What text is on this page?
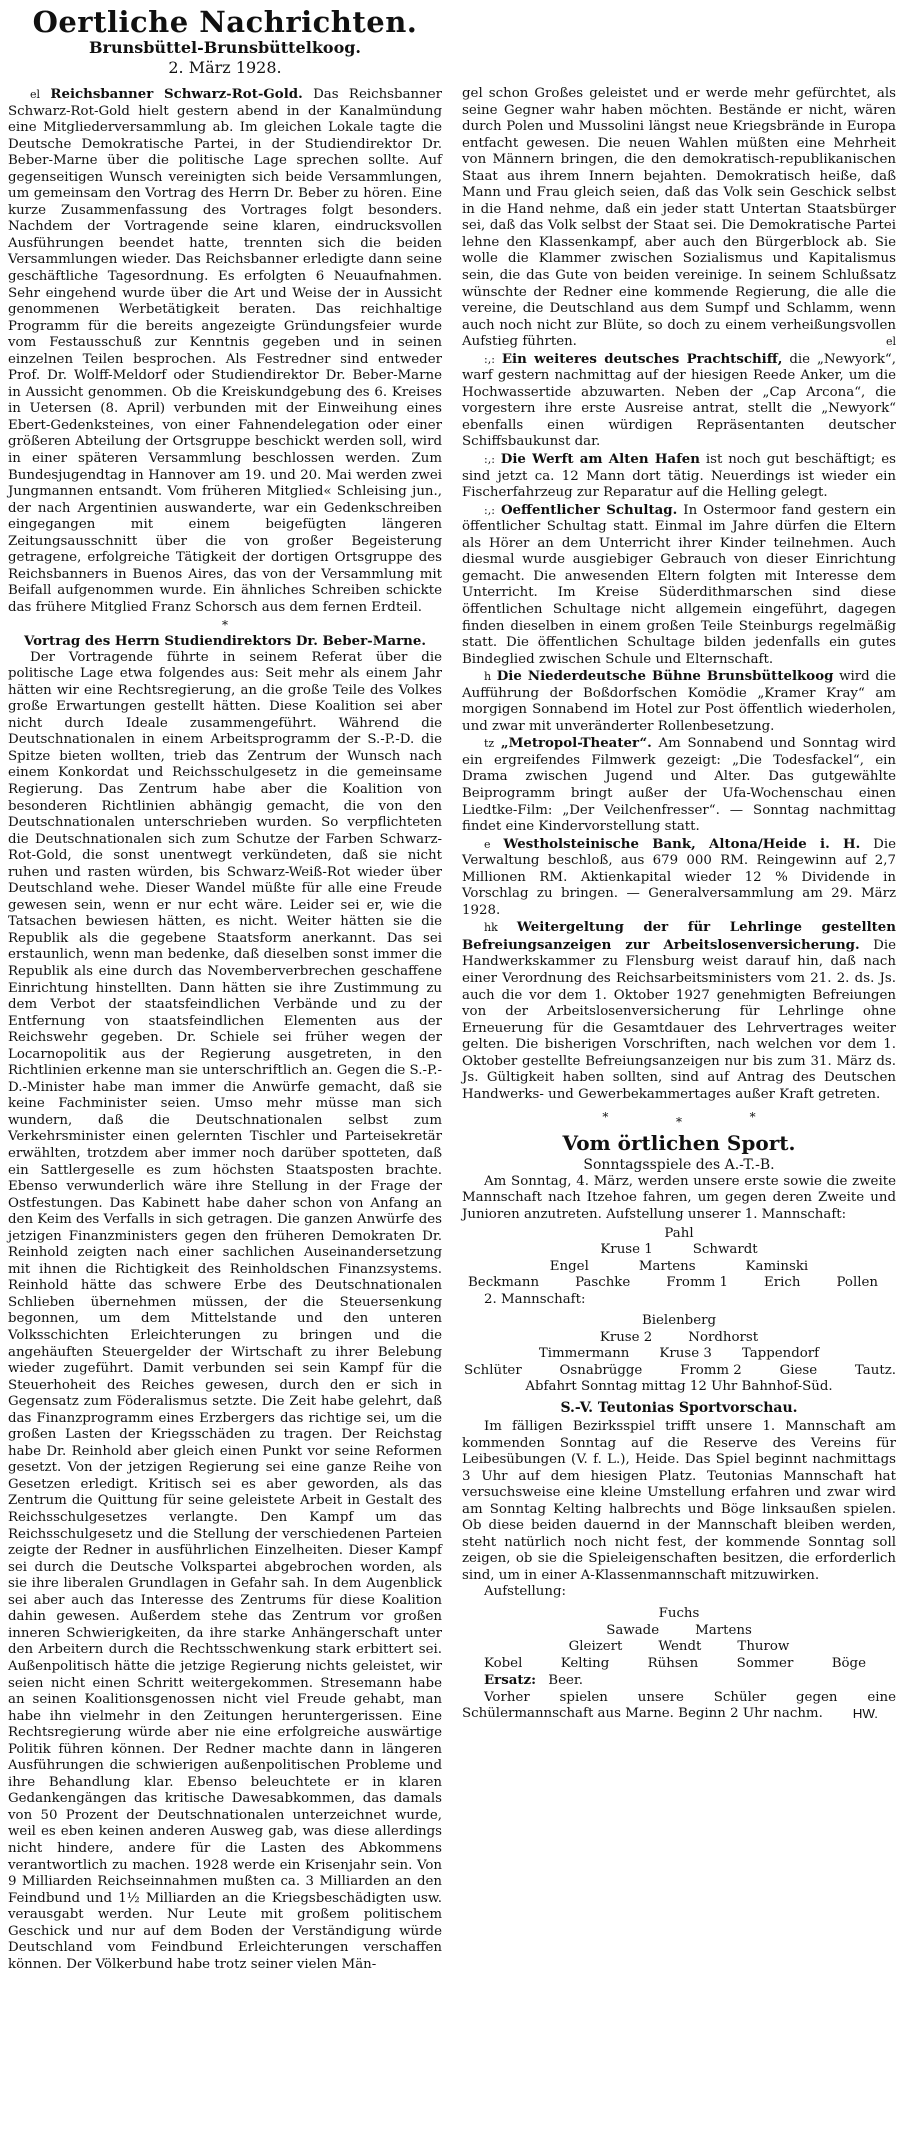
Oertliche Nachrichten.
Brunsbüttel-Brunsbüttelkoog.
2. März 1928.

el Reichsbanner Schwarz-Rot-Gold. Das Reichsbanner Schwarz-Rot-Gold hielt gestern abend in der Kanalmündung eine Mitgliederversammlung ab. Im gleichen Lokale tagte die Deutsche Demokratische Partei, in der Studiendirektor Dr. Beber-Marne über die politische Lage sprechen sollte. Auf gegenseitigen Wunsch vereinigten sich beide Versammlungen, um gemeinsam den Vortrag des Herrn Dr. Beber zu hören. Eine kurze Zusammenfassung des Vortrages folgt besonders. Nachdem der Vortragende seine klaren, eindrucksvollen Ausführungen beendet hatte, trennten sich die beiden Versammlungen wieder. Das Reichsbanner erledigte dann seine geschäftliche Tagesordnung. Es erfolgten 6 Neuaufnahmen. Sehr eingehend wurde über die Art und Weise der in Aussicht genommenen Werbetätigkeit beraten. Das reichhaltige Programm für die bereits angezeigte Gründungsfeier wurde vom Festausschuß zur Kenntnis gegeben und in seinen einzelnen Teilen besprochen. Als Festredner sind entweder Prof. Dr. Wolff-Meldorf oder Studiendirektor Dr. Beber-Marne in Aussicht genommen. Ob die Kreiskundgebung des 6. Kreises in Uetersen (8. April) verbunden mit der Einweihung eines Ebert-Gedenksteines, von einer Fahnendelegation oder einer größeren Abteilung der Ortsgruppe beschickt werden soll, wird in einer späteren Versammlung beschlossen werden. Zum Bundesjugendtag in Hannover am 19. und 20. Mai werden zwei Jungmannen entsandt. Vom früheren Mitglied« Schleising jun., der nach Argentinien auswanderte, war ein Gedenkschreiben eingegangen mit einem beigefügten längeren Zeitungsausschnitt über die von großer Begeisterung getragene, erfolgreiche Tätigkeit der dortigen Ortsgruppe des Reichsbanners in Buenos Aires, das von der Versammlung mit Beifall aufgenommen wurde. Ein ähnliches Schreiben schickte das frühere Mitglied Franz Schorsch aus dem fernen Erdteil.

*

Vortrag des Herrn Studiendirektors Dr. Beber-Marne.

Der Vortragende führte in seinem Referat über die politische Lage etwa folgendes aus: Seit mehr als einem Jahr hätten wir eine Rechtsregierung, an die große Teile des Volkes große Erwartungen gestellt hätten. Diese Koalition sei aber nicht durch Ideale zusammengeführt. Während die Deutschnationalen in einem Arbeitsprogramm der S.-P.-D. die Spitze bieten wollten, trieb das Zentrum der Wunsch nach einem Konkordat und Reichsschulgesetz in die gemeinsame Regierung. Das Zentrum habe aber die Koalition von besonderen Richtlinien abhängig gemacht, die von den Deutschnationalen unterschrieben wurden. So verpflichteten die Deutschnationalen sich zum Schutze der Farben Schwarz-Rot-Gold, die sonst unentwegt verkündeten, daß sie nicht ruhen und rasten würden, bis Schwarz-Weiß-Rot wieder über Deutschland wehe. Dieser Wandel müßte für alle eine Freude gewesen sein, wenn er nur echt wäre. Leider sei er, wie die Tatsachen bewiesen hätten, es nicht. Weiter hätten sie die Republik als die gegebene Staatsform anerkannt. Das sei erstaunlich, wenn man bedenke, daß dieselben sonst immer die Republik als eine durch das Novemberverbrechen geschaffene Einrichtung hinstellten. Dann hätten sie ihre Zustimmung zu dem Verbot der staatsfeindlichen Verbände und zu der Entfernung von staatsfeindlichen Elementen aus der Reichswehr gegeben. Dr. Schiele sei früher wegen der Locarnopolitik aus der Regierung ausgetreten, in den Richtlinien erkenne man sie unterschriftlich an. Gegen die S.-P.-D.-Minister habe man immer die Anwürfe gemacht, daß sie keine Fachminister seien. Umso mehr müsse man sich wundern, daß die Deutschnationalen selbst zum Verkehrsminister einen gelernten Tischler und Parteisekretär erwählten, trotzdem aber immer noch darüber spotteten, daß ein Sattlergeselle es zum höchsten Staatsposten brachte. Ebenso verwunderlich wäre ihre Stellung in der Frage der Ostfestungen. Das Kabinett habe daher schon von Anfang an den Keim des Verfalls in sich getragen. Die ganzen Anwürfe des jetzigen Finanzministers gegen den früheren Demokraten Dr. Reinhold zeigten nach einer sachlichen Auseinandersetzung mit ihnen die Richtigkeit des Reinholdschen Finanzsystems. Reinhold hätte das schwere Erbe des Deutschnationalen Schlieben übernehmen müssen, der die Steuersenkung begonnen, um dem Mittelstande und den unteren Volksschichten Erleichterungen zu bringen und die angehäuften Steuergelder der Wirtschaft zu ihrer Belebung wieder zugeführt. Damit verbunden sei sein Kampf für die Steuerhoheit des Reiches gewesen, durch den er sich in Gegensatz zum Föderalismus setzte. Die Zeit habe gelehrt, daß das Finanzprogramm eines Erzbergers das richtige sei, um die großen Lasten der Kriegsschäden zu tragen. Der Reichstag habe Dr. Reinhold aber gleich einen Punkt vor seine Reformen gesetzt. Von der jetzigen Regierung sei eine ganze Reihe von Gesetzen erledigt. Kritisch sei es aber geworden, als das Zentrum die Quittung für seine geleistete Arbeit in Gestalt des Reichsschulgesetzes verlangte. Den Kampf um das Reichsschulgesetz und die Stellung der verschiedenen Parteien zeigte der Redner in ausführlichen Einzelheiten. Dieser Kampf sei durch die Deutsche Volkspartei abgebrochen worden, als sie ihre liberalen Grundlagen in Gefahr sah. In dem Augenblick sei aber auch das Interesse des Zentrums für diese Koalition dahin gewesen. Außerdem stehe das Zentrum vor großen inneren Schwierigkeiten, da ihre starke Anhängerschaft unter den Arbeitern durch die Rechtsschwenkung stark erbittert sei. Außenpolitisch hätte die jetzige Regierung nichts geleistet, wir seien nicht einen Schritt weitergekommen. Stresemann habe an seinen Koalitionsgenossen nicht viel Freude gehabt, man habe ihn vielmehr in den Zeitungen heruntergerissen. Eine Rechtsregierung würde aber nie eine erfolgreiche auswärtige Politik führen können. Der Redner machte dann in längeren Ausführungen die schwierigen außenpolitischen Probleme und ihre Behandlung klar. Ebenso beleuchtete er in klaren Gedankengängen das kritische Dawesabkommen, das damals von 50 Prozent der Deutschnationalen unterzeichnet wurde, weil es eben keinen anderen Ausweg gab, was diese allerdings nicht hindere, andere für die Lasten des Abkommens verantwortlich zu machen. 1928 werde ein Krisenjahr sein. Von 9 Milliarden Reichseinnahmen mußten ca. 3 Milliarden an den Feindbund und 1½ Milliarden an die Kriegsbeschädigten usw. verausgabt werden. Nur Leute mit großem politischem Geschick und nur auf dem Boden der Verständigung würde Deutschland vom Feindbund Erleichterungen verschaffen können. Der Völkerbund habe trotz seiner vielen Män-

gel schon Großes geleistet und er werde mehr gefürchtet, als seine Gegner wahr haben möchten. Bestände er nicht, wären durch Polen und Mussolini längst neue Kriegsbrände in Europa entfacht gewesen. Die neuen Wahlen müßten eine Mehrheit von Männern bringen, die den demokratisch-republikanischen Staat aus ihrem Innern bejahten. Demokratisch heiße, daß Mann und Frau gleich seien, daß das Volk sein Geschick selbst in die Hand nehme, daß ein jeder statt Untertan Staatsbürger sei, daß das Volk selbst der Staat sei. Die Demokratische Partei lehne den Klassenkampf, aber auch den Bürgerblock ab. Sie wolle die Klammer zwischen Sozialismus und Kapitalismus sein, die das Gute von beiden vereinige. In seinem Schlußsatz wünschte der Redner eine kommende Regierung, die alle die vereine, die Deutschland aus dem Sumpf und Schlamm, wenn auch noch nicht zur Blüte, so doch zu einem verheißungsvollen Aufstieg führten.	el

:,: Ein weiteres deutsches Prachtschiff, die „Newyork“, warf gestern nachmittag auf der hiesigen Reede Anker, um die Hochwassertide abzuwarten. Neben der „Cap Arcona“, die vorgestern ihre erste Ausreise antrat, stellt die „Newyork“ ebenfalls einen würdigen Repräsentanten deutscher Schiffsbaukunst dar.

:,: Die Werft am Alten Hafen ist noch gut beschäftigt; es sind jetzt ca. 12 Mann dort tätig. Neuerdings ist wieder ein Fischerfahrzeug zur Reparatur auf die Helling gelegt.

:,: Oeffentlicher Schultag. In Ostermoor fand gestern ein öffentlicher Schultag statt. Einmal im Jahre dürfen die Eltern als Hörer an dem Unterricht ihrer Kinder teilnehmen. Auch diesmal wurde ausgiebiger Gebrauch von dieser Einrichtung gemacht. Die anwesenden Eltern folgten mit Interesse dem Unterricht. Im Kreise Süderdithmarschen sind diese öffentlichen Schultage nicht allgemein eingeführt, dagegen finden dieselben in einem großen Teile Steinburgs regelmäßig statt. Die öffentlichen Schultage bilden jedenfalls ein gutes Bindeglied zwischen Schule und Elternschaft.

h Die Niederdeutsche Bühne Brunsbüttelkoog wird die Aufführung der Boßdorfschen Komödie „Kramer Kray“ am morgigen Sonnabend im Hotel zur Post öffentlich wiederholen, und zwar mit unveränderter Rollenbesetzung.

tz „Metropol-Theater“. Am Sonnabend und Sonntag wird ein ergreifendes Filmwerk gezeigt: „Die Todesfackel“, ein Drama zwischen Jugend und Alter. Das gutgewählte Beiprogramm bringt außer der Ufa-Wochenschau einen Liedtke-Film: „Der Veilchenfresser“. — Sonntag nachmittag findet eine Kindervorstellung statt.

e Westholsteinische Bank, Altona/Heide i. H. Die Verwaltung beschloß, aus 679 000 RM. Reingewinn auf 2,7 Millionen RM. Aktienkapital wieder 12 % Dividende in Vorschlag zu bringen. — Generalversammlung am 29. März 1928.

hk Weitergeltung der für Lehrlinge gestellten Befreiungsanzeigen zur Arbeitslosenversicherung. Die Handwerkskammer zu Flensburg weist darauf hin, daß nach einer Verordnung des Reichsarbeitsministers vom 21. 2. ds. Js. auch die vor dem 1. Oktober 1927 genehmigten Befreiungen von der Arbeitslosenversicherung für Lehrlinge ohne Erneuerung für die Gesamtdauer des Lehrvertrages weiter gelten. Die bisherigen Vorschriften, nach welchen vor dem 1. Oktober gestellte Befreiungsanzeigen nur bis zum 31. März ds. Js. Gültigkeit haben sollten, sind auf Antrag des Deutschen Handwerks- und Gewerbekammertages außer Kraft getreten.

*	*	*
Vom örtlichen Sport.
Sonntagsspiele des A.-T.-B.

Am Sonntag, 4. März, werden unsere erste sowie die zweite Mannschaft nach Itzehoe fahren, um gegen deren Zweite und Junioren anzutreten. Aufstellung unserer 1. Mannschaft:

Pahl
Kruse 1	Schwardt
Engel	Martens	Kaminski
Beckmann	Paschke	Fromm 1	Erich	Pollen

2. Mannschaft:

Bielenberg
Kruse 2	Nordhorst
Timmermann Kruse 3 Tappendorf
Schlüter	Osnabrügge	Fromm 2	Giese	Tautz.

Abfahrt Sonntag mittag 12 Uhr Bahnhof-Süd.

S.-V. Teutonias Sportvorschau.

Im fälligen Bezirksspiel trifft unsere 1. Mannschaft am kommenden Sonntag auf die Reserve des Vereins für Leibesübungen (V. f. L.), Heide. Das Spiel beginnt nachmittags 3 Uhr auf dem hiesigen Platz. Teutonias Mannschaft hat versuchsweise eine kleine Umstellung erfahren und zwar wird am Sonntag Kelting halbrechts und Böge linksaußen spielen. Ob diese beiden dauernd in der Mannschaft bleiben werden, steht natürlich noch nicht fest, der kommende Sonntag soll zeigen, ob sie die Spieleigenschaften besitzen, die erforderlich sind, um in einer A-Klassenmannschaft mitzuwirken.

Aufstellung:

Fuchs
Sawade	Martens
Gleizert	Wendt	Thurow
Kobel	Kelting	Rühsen	Sommer	Böge

Ersatz: Beer.

Vorher spielen unsere Schüler gegen eine Schülermannschaft aus Marne. Beginn 2 Uhr nachm.	HW.
